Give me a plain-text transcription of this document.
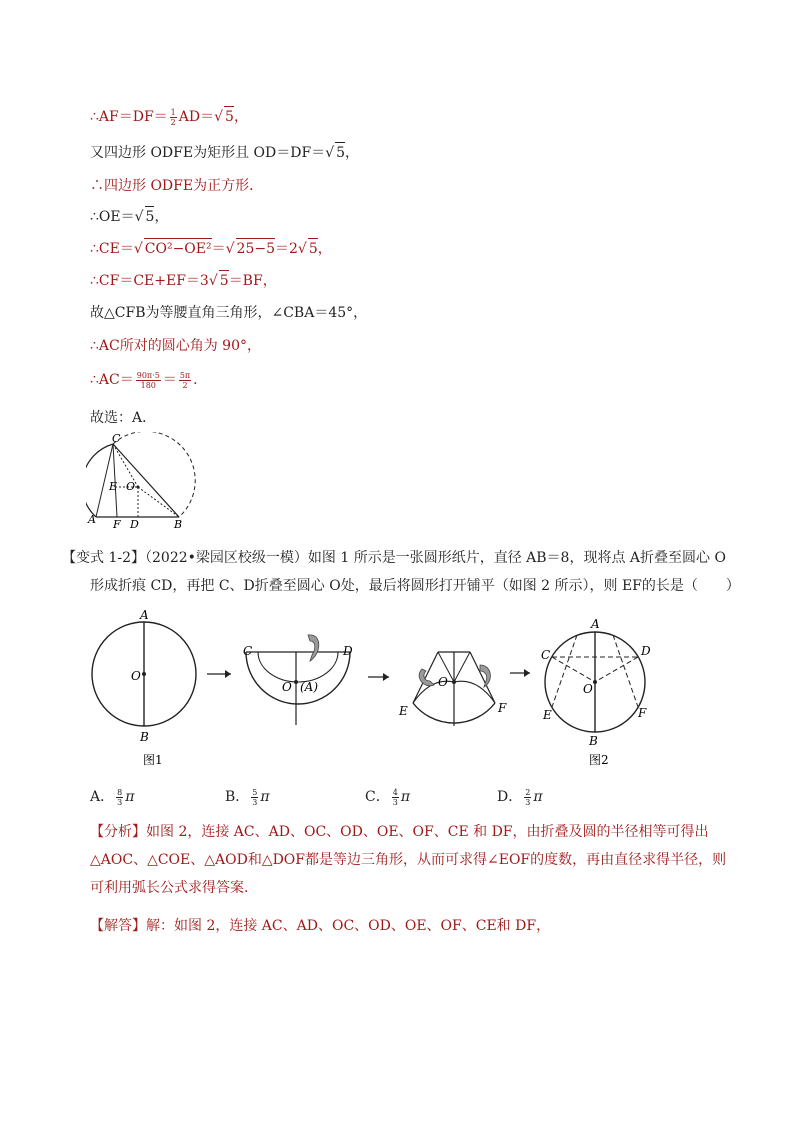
∴AF＝DF＝ $\frac{1}{2} AD=√$ 5，
又四边形 ODFE为矩形且 OD＝DF＝√ 5，
∴四边形 ODFE为正方形．
∴OE＝√ 5，
∴CE＝√ CO²−OE²＝√ 25−5＝2√ 5，
∴CF＝CE+EF＝3√ 5＝BF，
故△CFB为等腰直角三角形，∠CBA＝45°，
∴AC所对的圆心角为 90°，
∴AC＝ $\frac{90\pi\cdot 5}{180} = \frac{5\pi}{2}$ ．
故选：A．
C
E O
A F D	B
【变式 1-2】（2022•梁园区校级一模）如图 1 所示是一张圆形纸片，直径 AB＝8，现将点 A折叠至圆心 O
形成折痕 CD，再把 C、D折叠至圆心 O处，最后将圆形打开铺平（如图 2 所示），则 EF的长是（　　）
A
O
B
图1
C	D
O (A)	O
E	F
A
C	D
O
E	F
B
图2
A． $\frac{8}{3}$ π	B． $\frac{5}{3}$ π	C． $\frac{4}{3}$ π	D． $\frac{2}{3}$ π
【分析】如图 2，连接 AC、AD、OC、OD、OE、OF、CE 和 DF，由折叠及圆的半径相等可得出△AOC、△COE、△AOD和△DOF都是等边三角形，从而可求得∠EOF的度数，再由直径求得半径，则可利用弧长公式求得答案．
【解答】解：如图 2，连接 AC、AD、OC、OD、OE、OF、CE和 DF，
